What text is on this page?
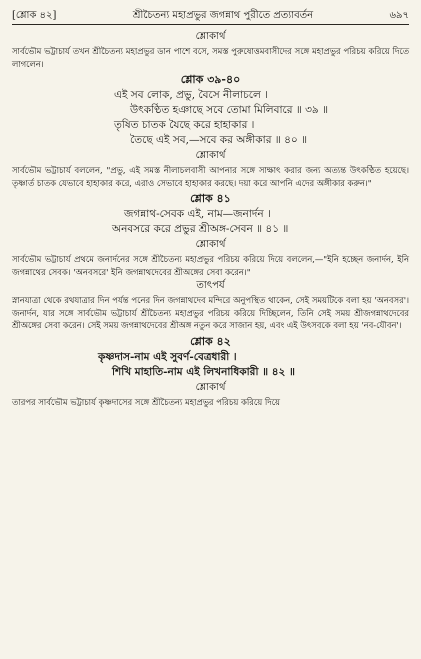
[শ্লোক ৪২]	শ্রীচৈতন্য মহাপ্রভুর জগন্নাথ পুরীতে প্রত্যাবর্তন	৬৯৭
শ্লোকার্থ

সার্বভৌম ভট্টাচার্য তখন শ্রীচৈতন্য মহাপ্রভুর ডান পাশে বসে, সমস্ত পুরুষোত্তমবাসীদের সঙ্গে মহাপ্রভুর পরিচয় করিয়ে দিতে লাগলেন।

শ্লোক ৩৯-৪০

এই সব লোক, প্রভু, বৈসে নীলাচলে ।

উৎকণ্ঠিত হঞাছে সবে তোমা মিলিবারে ॥ ৩৯ ॥

তৃষিত চাতক যৈছে করে হাহাকার ।

তৈছে এই সব,—সবে কর অঙ্গীকার ॥ ৪০ ॥

শ্লোকার্থ

সার্বভৌম ভট্টাচার্য বললেন, "প্রভু, এই সমস্ত নীলাচলবাসী আপনার সঙ্গে সাক্ষাৎ করার জন্য অত্যন্ত উৎকণ্ঠিত হয়েছে। তৃষ্ণার্ত চাতক যেভাবে হাহাকার করে, এরাও সেভাবে হাহাকার করছে। দয়া করে আপনি এদের অঙ্গীকার করুন।"

শ্লোক ৪১

জগন্নাথ-সেবক এই, নাম—জনার্দন ।

অনবসরে করে প্রভুর শ্রীঅঙ্গ-সেবন ॥ ৪১ ॥

শ্লোকার্থ

সার্বভৌম ভট্টাচার্য প্রথমে জনার্দনের সঙ্গে শ্রীচৈতন্য মহাপ্রভুর পরিচয় করিয়ে দিয়ে বললেন,—"ইনি হচ্ছেন জনার্দন, ইনি জগন্নাথের সেবক। 'অনবসরে' ইনি জগন্নাথদেবের শ্রীঅঙ্গের সেবা করেন।"

তাৎপর্য

স্নানযাত্রা থেকে রথযাত্রার দিন পর্যন্ত পনের দিন জগন্নাথদেব মন্দিরে অনুপস্থিত থাকেন, সেই সময়টিকে বলা হয় 'অনবসর'। জনার্দন, যার সঙ্গে সার্বভৌম ভট্টাচার্য শ্রীচৈতন্য মহাপ্রভুর পরিচয় করিয়ে দিচ্ছিলেন, তিনি সেই সময় শ্রীজগন্নাথদেবের শ্রীঅঙ্গের সেবা করেন। সেই সময় জগন্নাথদেবের শ্রীঅঙ্গ নতুন করে সাজান হয়, এবং এই উৎসবকে বলা হয় 'নব-যৌবন'।

শ্লোক ৪২

কৃষ্ণদাস-নাম এই সুবর্ণ-বেত্রধারী ।

শিখি মাহাতি-নাম এই লিখনাধিকারী ॥ ৪২ ॥

শ্লোকার্থ

তারপর সার্বভৌম ভট্টাচার্য কৃষ্ণদাসের সঙ্গে শ্রীচৈতন্য মহাপ্রভুর পরিচয় করিয়ে দিয়ে
